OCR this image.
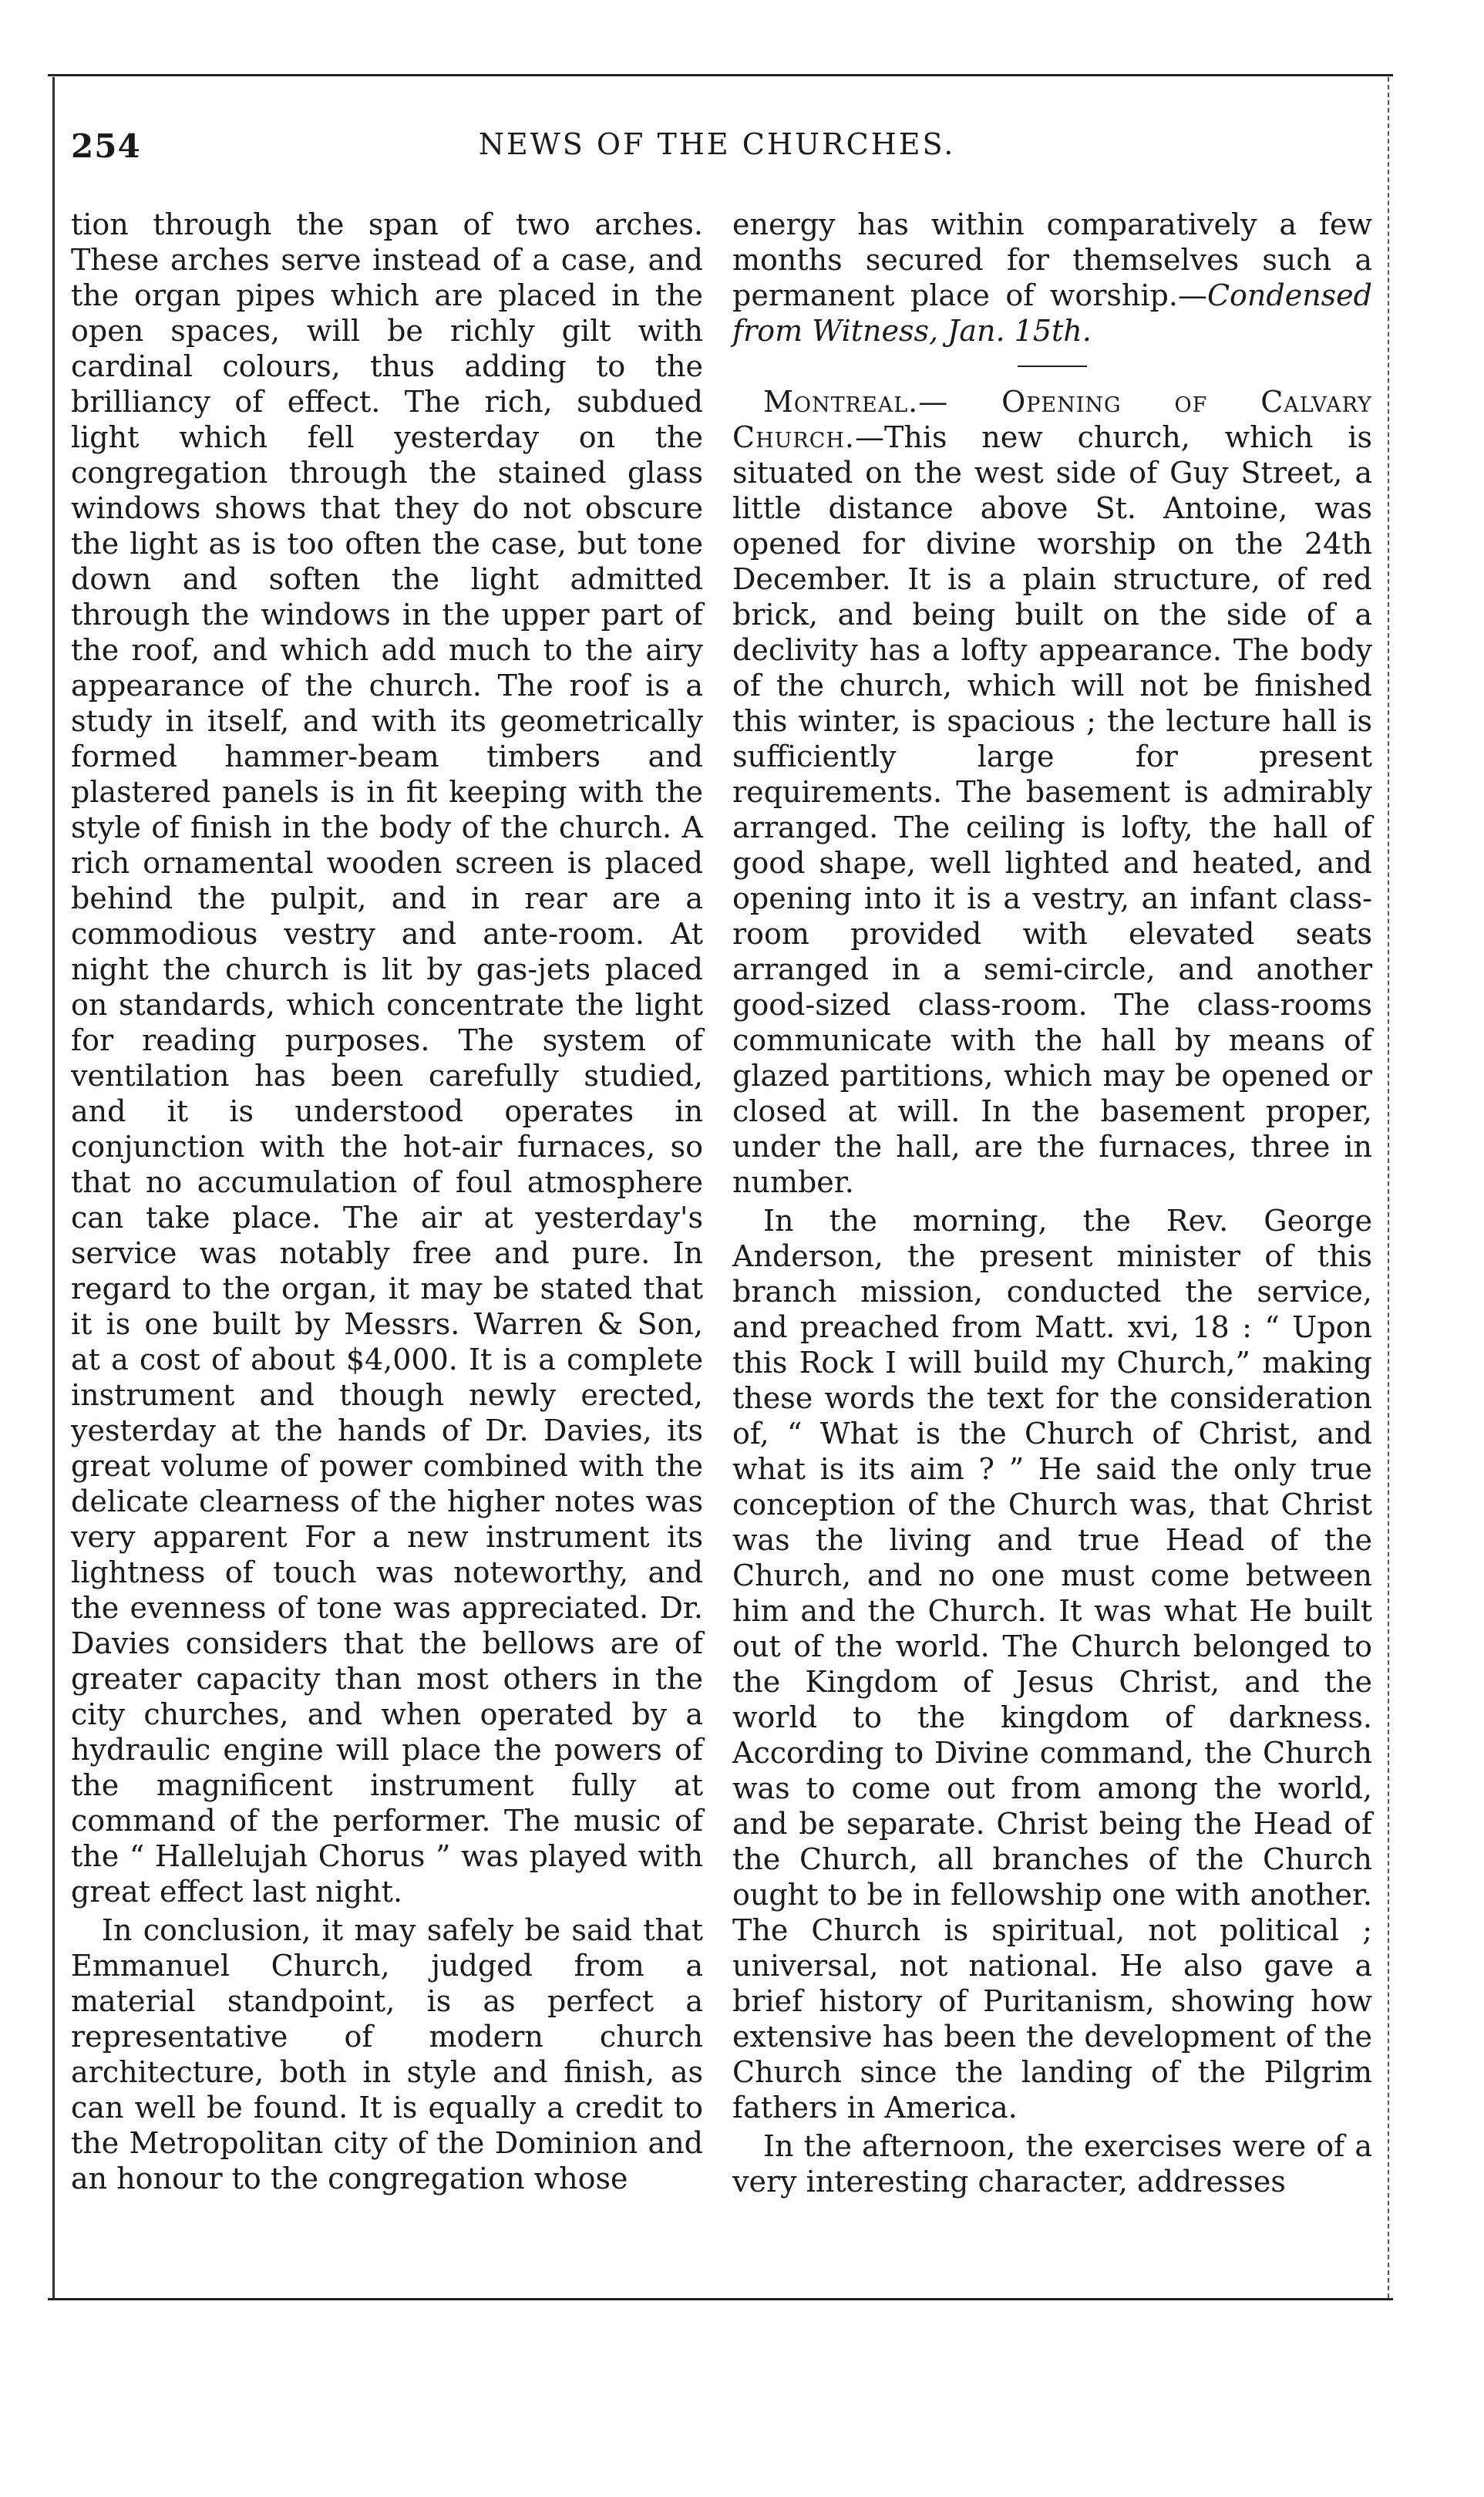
254	NEWS OF THE CHURCHES.

tion through the span of two arches. These arches serve instead of a case, and the organ pipes which are placed in the open spaces, will be richly gilt with cardinal colours, thus adding to the brilliancy of effect. The rich, subdued light which fell yesterday on the congregation through the stained glass windows shows that they do not obscure the light as is too often the case, but tone down and soften the light admitted through the windows in the upper part of the roof, and which add much to the airy appearance of the church. The roof is a study in itself, and with its geometrically formed hammer-beam timbers and plastered panels is in fit keeping with the style of finish in the body of the church. A rich ornamental wooden screen is placed behind the pulpit, and in rear are a commodious vestry and ante-room. At night the church is lit by gas-jets placed on standards, which concentrate the light for reading purposes. The system of ventilation has been carefully studied, and it is understood operates in conjunction with the hot-air furnaces, so that no accumulation of foul atmosphere can take place. The air at yesterday's service was notably free and pure. In regard to the organ, it may be stated that it is one built by Messrs. Warren & Son, at a cost of about $4,000. It is a complete instrument and though newly erected, yesterday at the hands of Dr. Davies, its great volume of power combined with the delicate clearness of the higher notes was very apparent For a new instrument its lightness of touch was noteworthy, and the evenness of tone was appreciated. Dr. Davies considers that the bellows are of greater capacity than most others in the city churches, and when operated by a hydraulic engine will place the powers of the magnificent instrument fully at command of the performer. The music of the “ Hallelujah Chorus ” was played with great effect last night.

In conclusion, it may safely be said that Emmanuel Church, judged from a material standpoint, is as perfect a representative of modern church architecture, both in style and finish, as can well be found. It is equally a credit to the Metropolitan city of the Dominion and an honour to the congregation whose

energy has within comparatively a few months secured for themselves such a permanent place of worship.—Condensed from Witness, Jan. 15th.

Montreal.— Opening of Calvary Church.—This new church, which is situated on the west side of Guy Street, a little distance above St. Antoine, was opened for divine worship on the 24th December. It is a plain structure, of red brick, and being built on the side of a declivity has a lofty appearance. The body of the church, which will not be finished this winter, is spacious ; the lecture hall is sufficiently large for present requirements. The basement is admirably arranged. The ceiling is lofty, the hall of good shape, well lighted and heated, and opening into it is a vestry, an infant class-room provided with elevated seats arranged in a semi-circle, and another good-sized class-room. The class-rooms communicate with the hall by means of glazed partitions, which may be opened or closed at will. In the basement proper, under the hall, are the furnaces, three in number.

In the morning, the Rev. George Anderson, the present minister of this branch mission, conducted the service, and preached from Matt. xvi, 18 : “ Upon this Rock I will build my Church,” making these words the text for the consideration of, “ What is the Church of Christ, and what is its aim ? ” He said the only true conception of the Church was, that Christ was the living and true Head of the Church, and no one must come between him and the Church. It was what He built out of the world. The Church belonged to the Kingdom of Jesus Christ, and the world to the kingdom of darkness. According to Divine command, the Church was to come out from among the world, and be separate. Christ being the Head of the Church, all branches of the Church ought to be in fellowship one with another. The Church is spiritual, not political ; universal, not national. He also gave a brief history of Puritanism, showing how extensive has been the development of the Church since the landing of the Pilgrim fathers in America.

In the afternoon, the exercises were of a very interesting character, addresses
